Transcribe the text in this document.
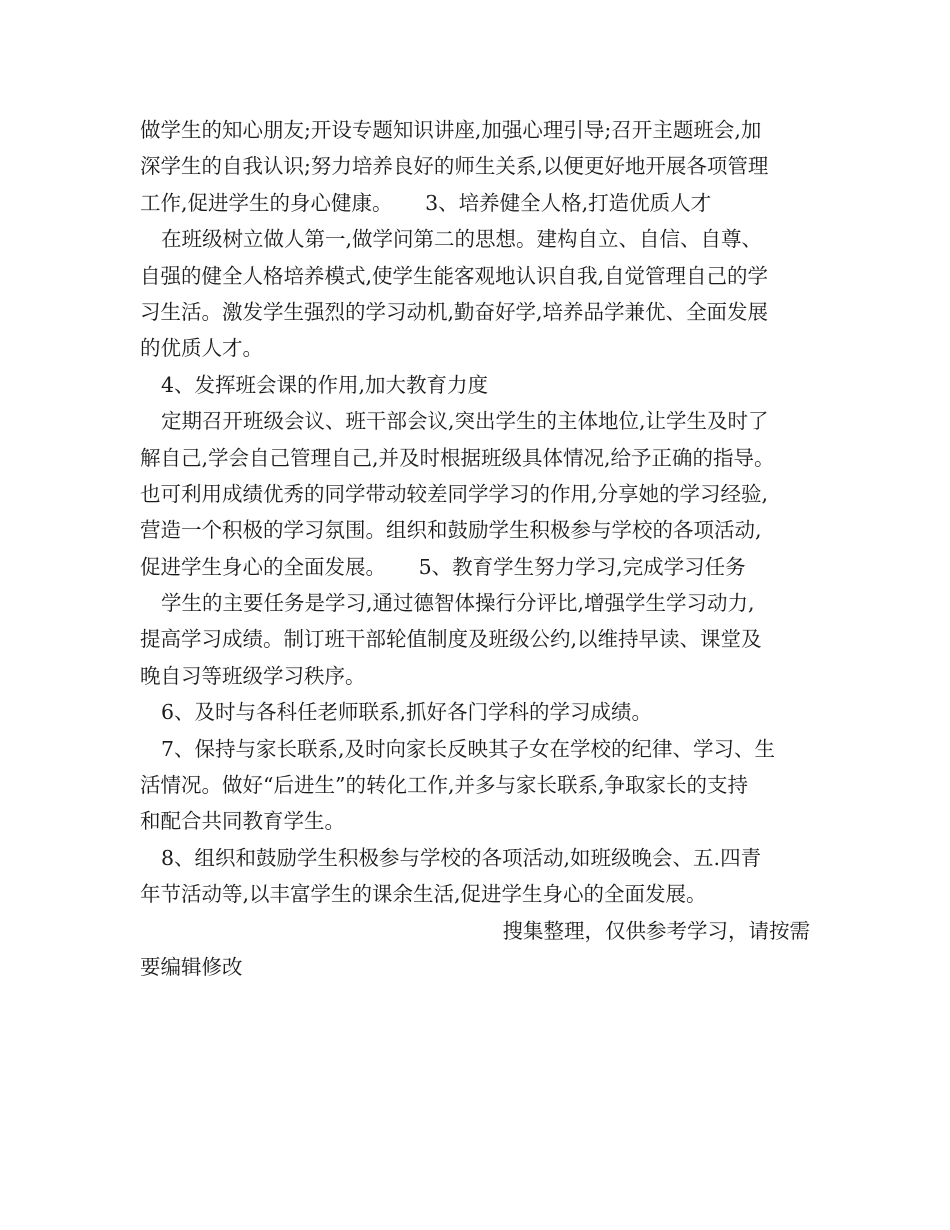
做学生的知心朋友;开设专题知识讲座,加强心理引导;召开主题班会,加
深学生的自我认识;努力培养良好的师生关系,以便更好地开展各项管理
工作,促进学生的身心健康。     3、培养健全人格,打造优质人才
在班级树立做人第一,做学问第二的思想。建构自立、自信、自尊、
自强的健全人格培养模式,使学生能客观地认识自我,自觉管理自己的学
习生活。激发学生强烈的学习动机,勤奋好学,培养品学兼优、全面发展
的优质人才。
4、发挥班会课的作用,加大教育力度
定期召开班级会议、班干部会议,突出学生的主体地位,让学生及时了
解自己,学会自己管理自己,并及时根据班级具体情况,给予正确的指导。
也可利用成绩优秀的同学带动较差同学学习的作用,分享她的学习经验,
营造一个积极的学习氛围。组织和鼓励学生积极参与学校的各项活动,
促进学生身心的全面发展。     5、教育学生努力学习,完成学习任务
学生的主要任务是学习,通过德智体操行分评比,增强学生学习动力,
提高学习成绩。制订班干部轮值制度及班级公约,以维持早读、课堂及
晚自习等班级学习秩序。
6、及时与各科任老师联系,抓好各门学科的学习成绩。
7、保持与家长联系,及时向家长反映其子女在学校的纪律、学习、生
活情况。做好“后进生”的转化工作,并多与家长联系,争取家长的支持
和配合共同教育学生。
8、组织和鼓励学生积极参与学校的各项活动,如班级晚会、五.四青
年节活动等,以丰富学生的课余生活,促进学生身心的全面发展。
搜集整理，仅供参考学习，请按需
要编辑修改
